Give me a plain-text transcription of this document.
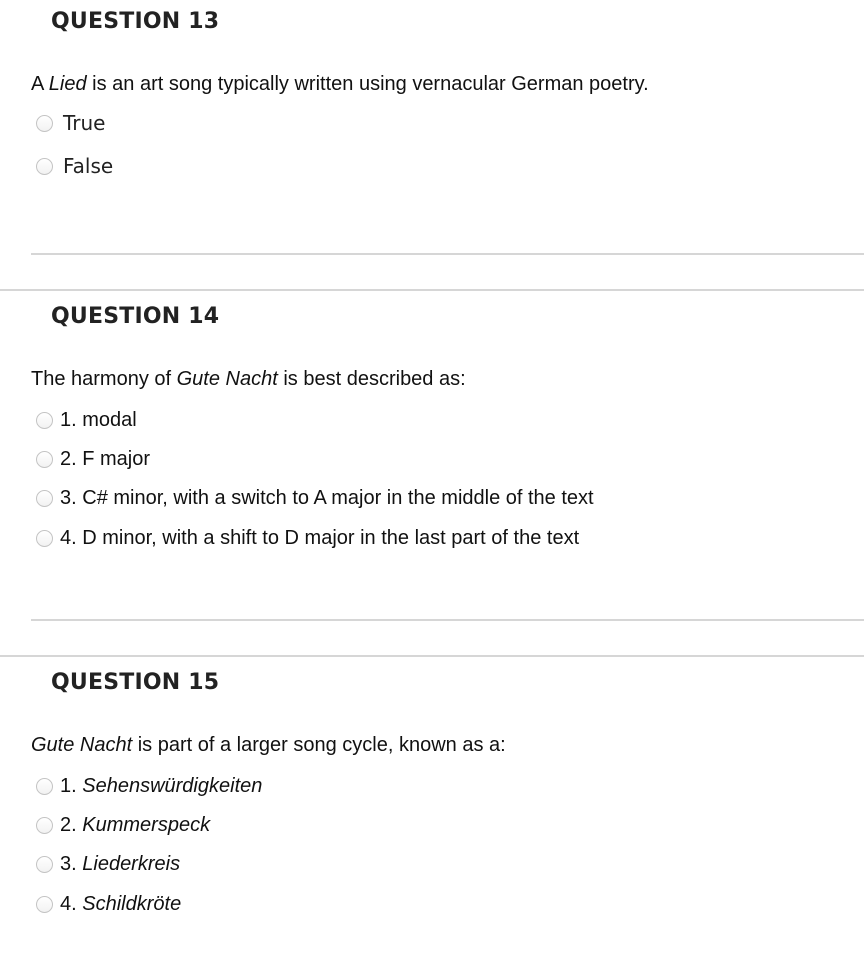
QUESTION 13
A Lied is an art song typically written using vernacular German poetry.
True
False
QUESTION 14
The harmony of Gute Nacht is best described as:
1. modal
2. F major
3. C# minor, with a switch to A major in the middle of the text
4. D minor, with a shift to D major in the last part of the text
QUESTION 15
Gute Nacht is part of a larger song cycle, known as a:
1. Sehenswürdigkeiten
2. Kummerspeck
3. Liederkreis
4. Schildkröte
